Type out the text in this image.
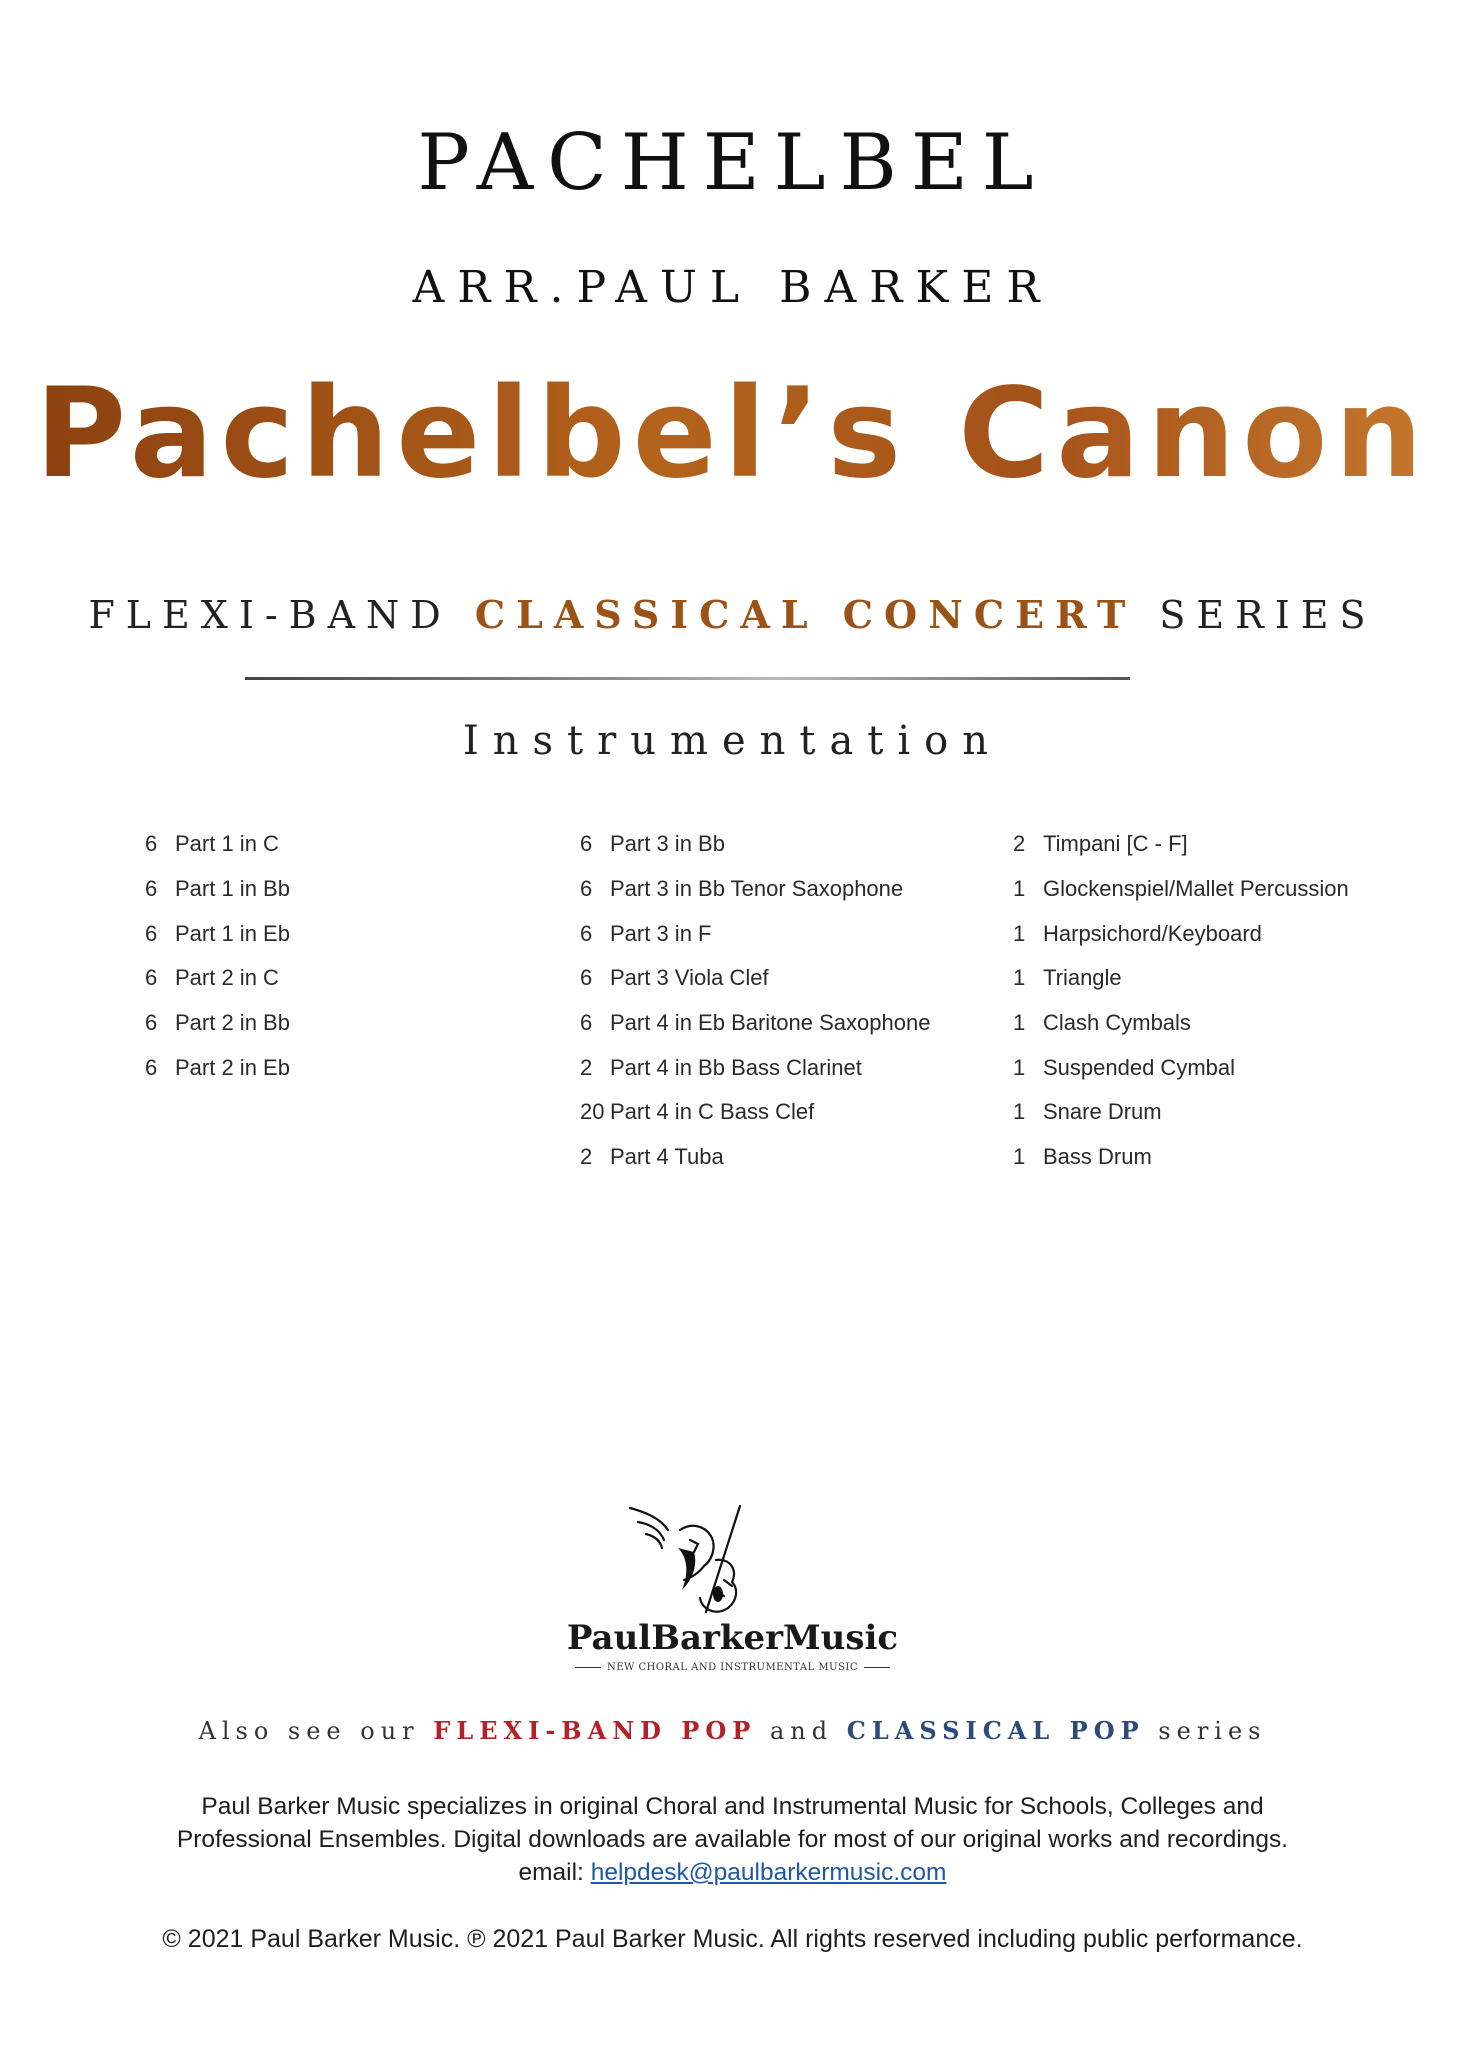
PACHELBEL
ARR.PAUL BARKER
Pachelbel’s Canon
FLEXI-BAND CLASSICAL CONCERT SERIES
Instrumentation
6 Part 1 in C
6 Part 1 in Bb
6 Part 1 in Eb
6 Part 2 in C
6 Part 2 in Bb
6 Part 2 in Eb
6 Part 3 in Bb
6 Part 3 in Bb Tenor Saxophone
6 Part 3 in F
6 Part 3 Viola Clef
6 Part 4 in Eb Baritone Saxophone
2 Part 4 in Bb Bass Clarinet
20 Part 4 in C Bass Clef
2 Part 4 Tuba
2 Timpani [C - F]
1 Glockenspiel/Mallet Percussion
1 Harpsichord/Keyboard
1 Triangle
1 Clash Cymbals
1 Suspended Cymbal
1 Snare Drum
1 Bass Drum
PaulBarkerMusic
NEW CHORAL AND INSTRUMENTAL MUSIC
Also see our FLEXI-BAND POP and CLASSICAL POP series
Paul Barker Music specializes in original Choral and Instrumental Music for Schools, Colleges and
Professional Ensembles. Digital downloads are available for most of our original works and recordings.
email: helpdesk@paulbarkermusic.com
© 2021 Paul Barker Music. ℗ 2021 Paul Barker Music. All rights reserved including public performance.
